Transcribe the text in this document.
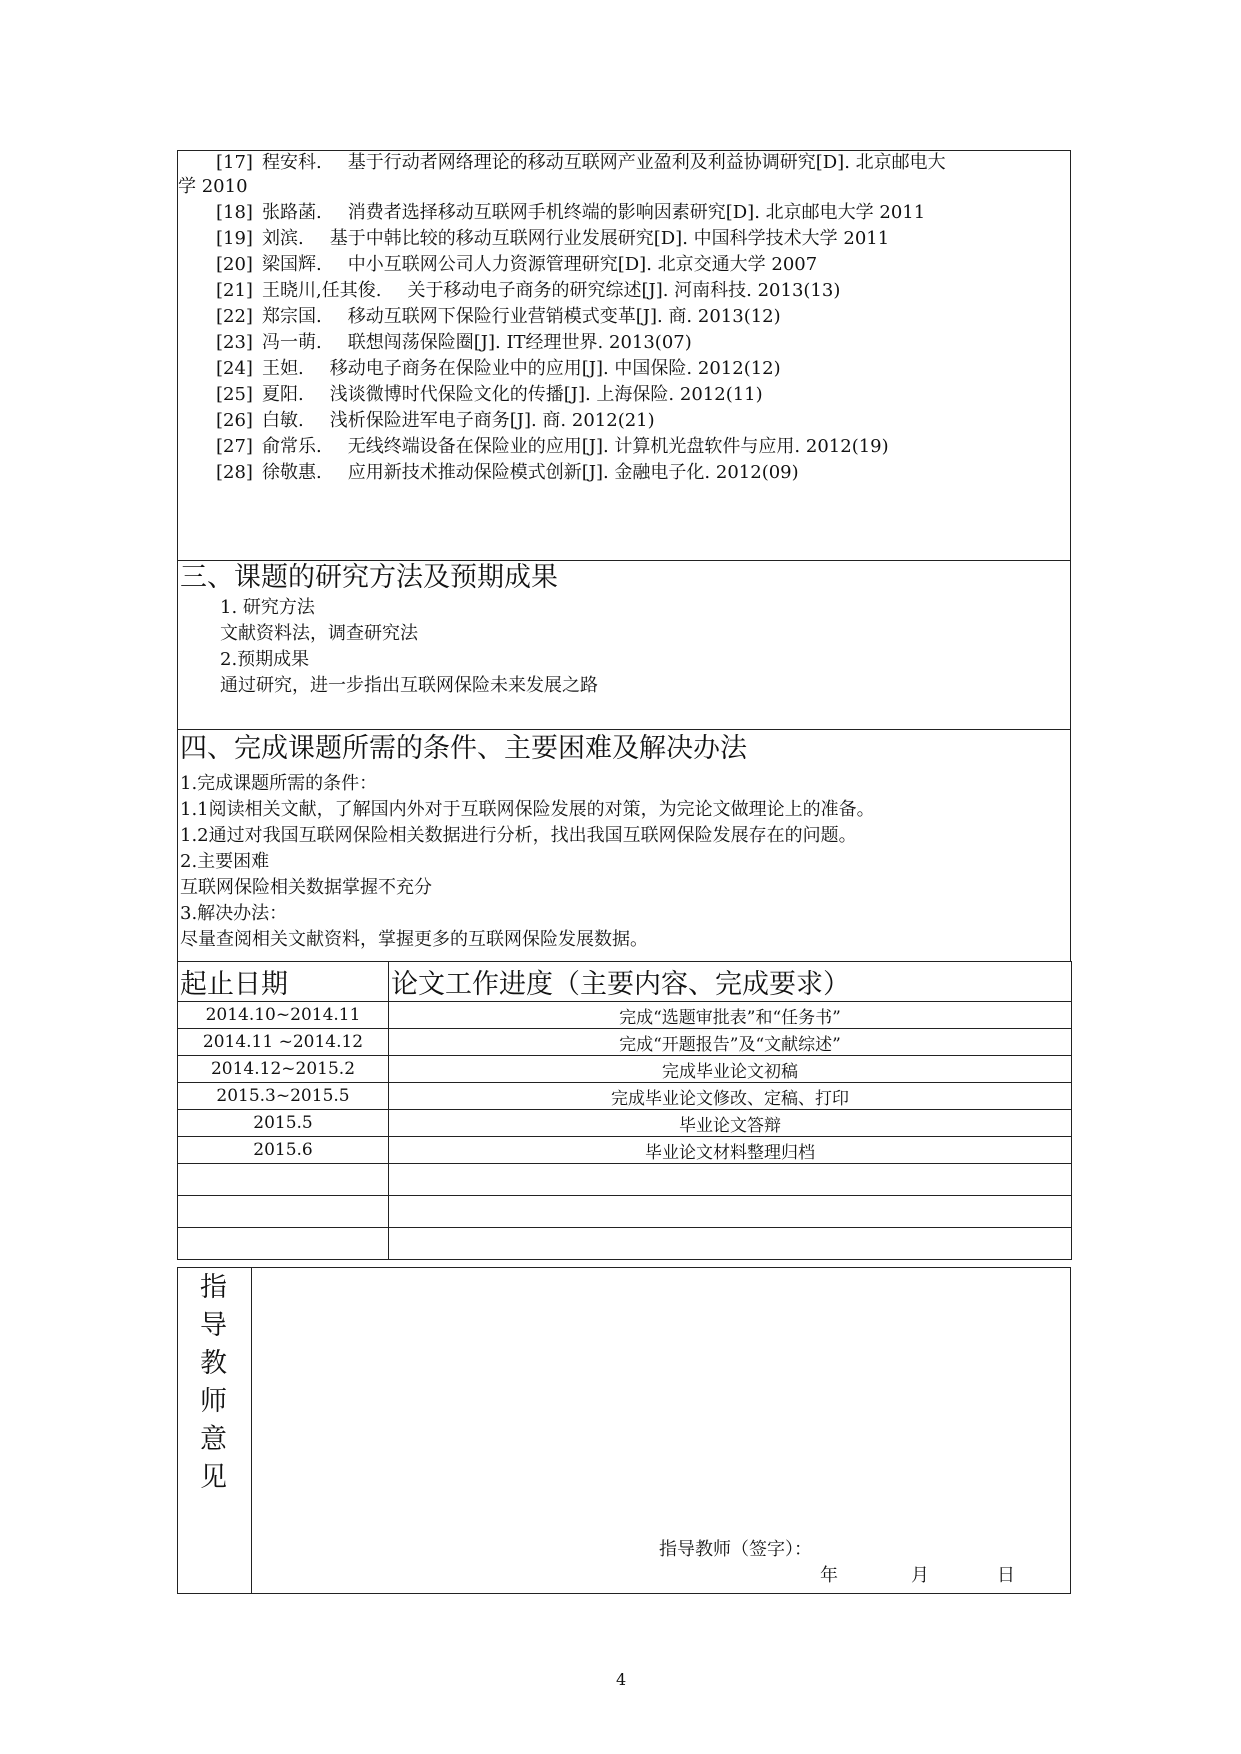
[17] 程安科. 基于行动者网络理论的移动互联网产业盈利及利益协调研究[D]. 北京邮电大
学 2010
[18] 张路菡. 消费者选择移动互联网手机终端的影响因素研究[D]. 北京邮电大学 2011
[19] 刘滨. 基于中韩比较的移动互联网行业发展研究[D]. 中国科学技术大学 2011
[20] 梁国辉. 中小互联网公司人力资源管理研究[D]. 北京交通大学 2007
[21] 王晓川,任其俊. 关于移动电子商务的研究综述[J]. 河南科技. 2013(13)
[22] 郑宗国. 移动互联网下保险行业营销模式变革[J]. 商. 2013(12)
[23] 冯一萌. 联想闯荡保险圈[J]. IT经理世界. 2013(07)
[24] 王妲. 移动电子商务在保险业中的应用[J]. 中国保险. 2012(12)
[25] 夏阳. 浅谈微博时代保险文化的传播[J]. 上海保险. 2012(11)
[26] 白敏. 浅析保险进军电子商务[J]. 商. 2012(21)
[27] 俞常乐. 无线终端设备在保险业的应用[J]. 计算机光盘软件与应用. 2012(19)
[28] 徐敬惠. 应用新技术推动保险模式创新[J]. 金融电子化. 2012(09)
三、课题的研究方法及预期成果
1. 研究方法
文献资料法，调查研究法
2.预期成果
通过研究，进一步指出互联网保险未来发展之路
四、完成课题所需的条件、主要困难及解决办法
1.完成课题所需的条件：
1.1阅读相关文献，了解国内外对于互联网保险发展的对策，为完论文做理论上的准备。
1.2通过对我国互联网保险相关数据进行分析，找出我国互联网保险发展存在的问题。
2.主要困难
互联网保险相关数据掌握不充分
3.解决办法：
尽量查阅相关文献资料，掌握更多的互联网保险发展数据。
起止日期	论文工作进度（主要内容、完成要求）
2014.10~2014.11	完成“选题审批表”和“任务书”
2014.11 ~2014.12	完成“开题报告”及“文献综述”
2014.12~2015.2	完成毕业论文初稿
2015.3~2015.5	完成毕业论文修改、定稿、打印
2015.5	毕业论文答辩
2015.6	毕业论文材料整理归档

指
导
教
师
意
见
指导教师（签字）：
年	月	日
4
